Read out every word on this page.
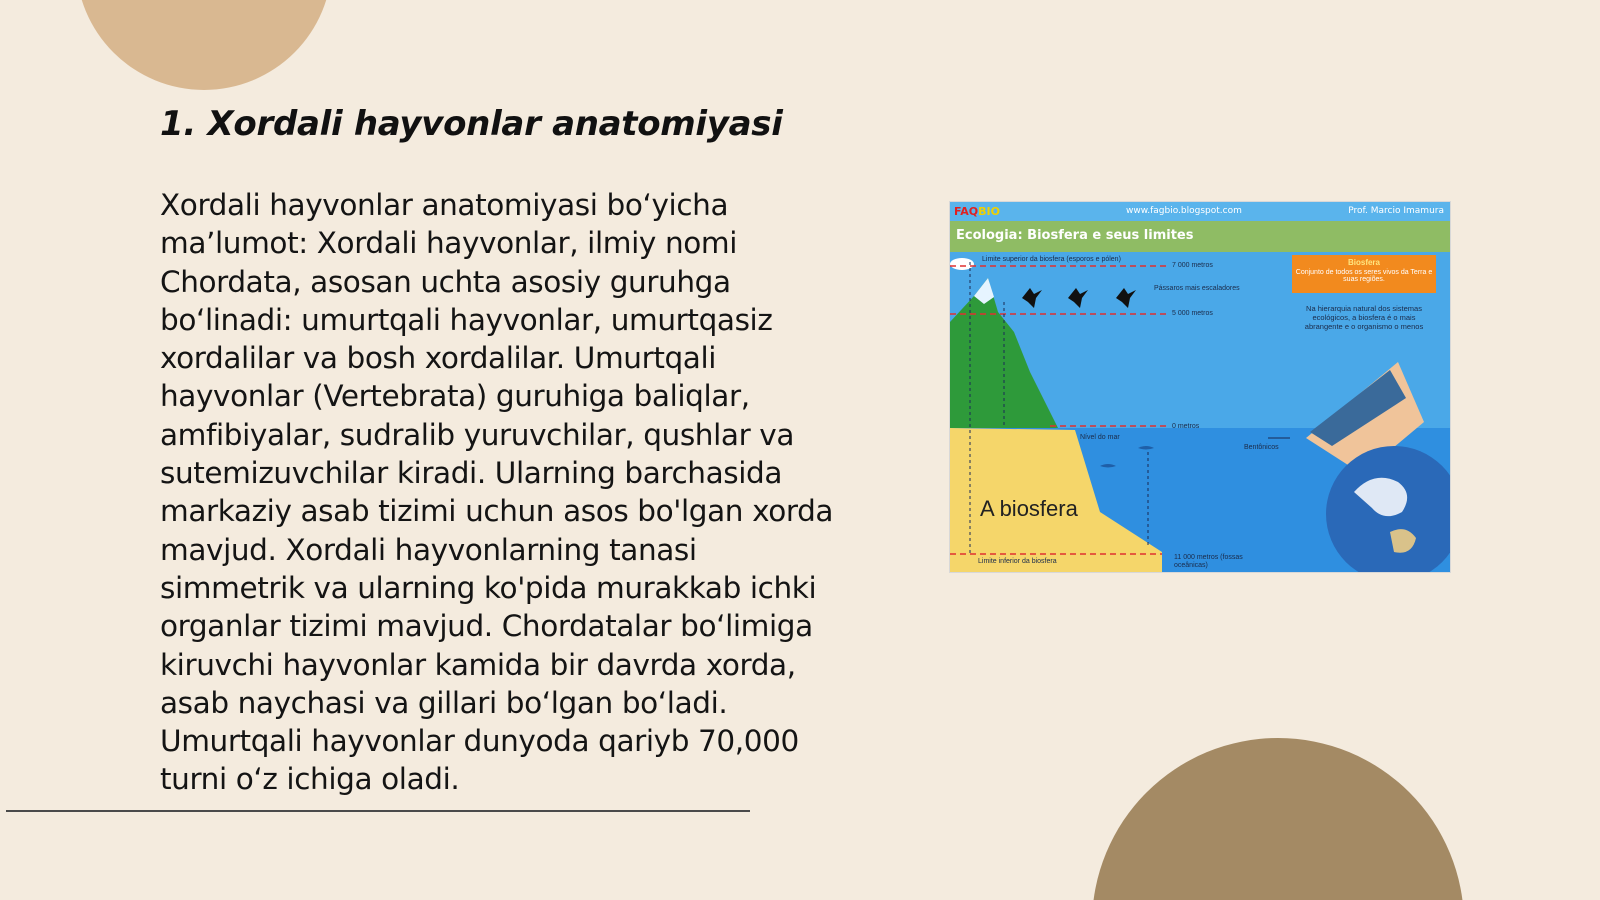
1. Xordali hayvonlar anatomiyasi

Xordali hayvonlar anatomiyasi bo‘yicha ma’lumot: Xordali hayvonlar, ilmiy nomi Chordata, asosan uchta asosiy guruhga bo‘linadi: umurtqali hayvonlar, umurtqasiz xordalilar va bosh xordalilar. Umurtqali hayvonlar (Vertebrata) guruhiga baliqlar, amfibiyalar, sudralib yuruvchilar, qushlar va sutemizuvchilar kiradi. Ularning barchasida markaziy asab tizimi uchun asos bo'lgan xorda mavjud. Xordali hayvonlarning tanasi simmetrik va ularning ko'pida murakkab ichki organlar tizimi mavjud. Chordatalar bo‘limiga kiruvchi hayvonlar kamida bir davrda xorda, asab naychasi va gillari bo‘lgan bo‘ladi. Umurtqali hayvonlar dunyoda qariyb 70,000 turni o‘z ichiga oladi.

FAQBIO	www.fagbio.blogspot.com	Prof. Marcio Imamura
Ecologia: Biosfera e seus limites
Limite superior da biosfera (esporos e pólen)
7 000 metros
Pássaros mais escaladores
5 000 metros
0 metros
Nível do mar
Bentônicos
Limite inferior da biosfera
11 000 metros (fossas oceânicas)
A biosfera
Biosfera
Conjunto de todos os seres vivos da Terra e suas regiões.
Na hierarquia natural dos sistemas ecológicos, a biosfera é o mais abrangente e o organismo o menos
